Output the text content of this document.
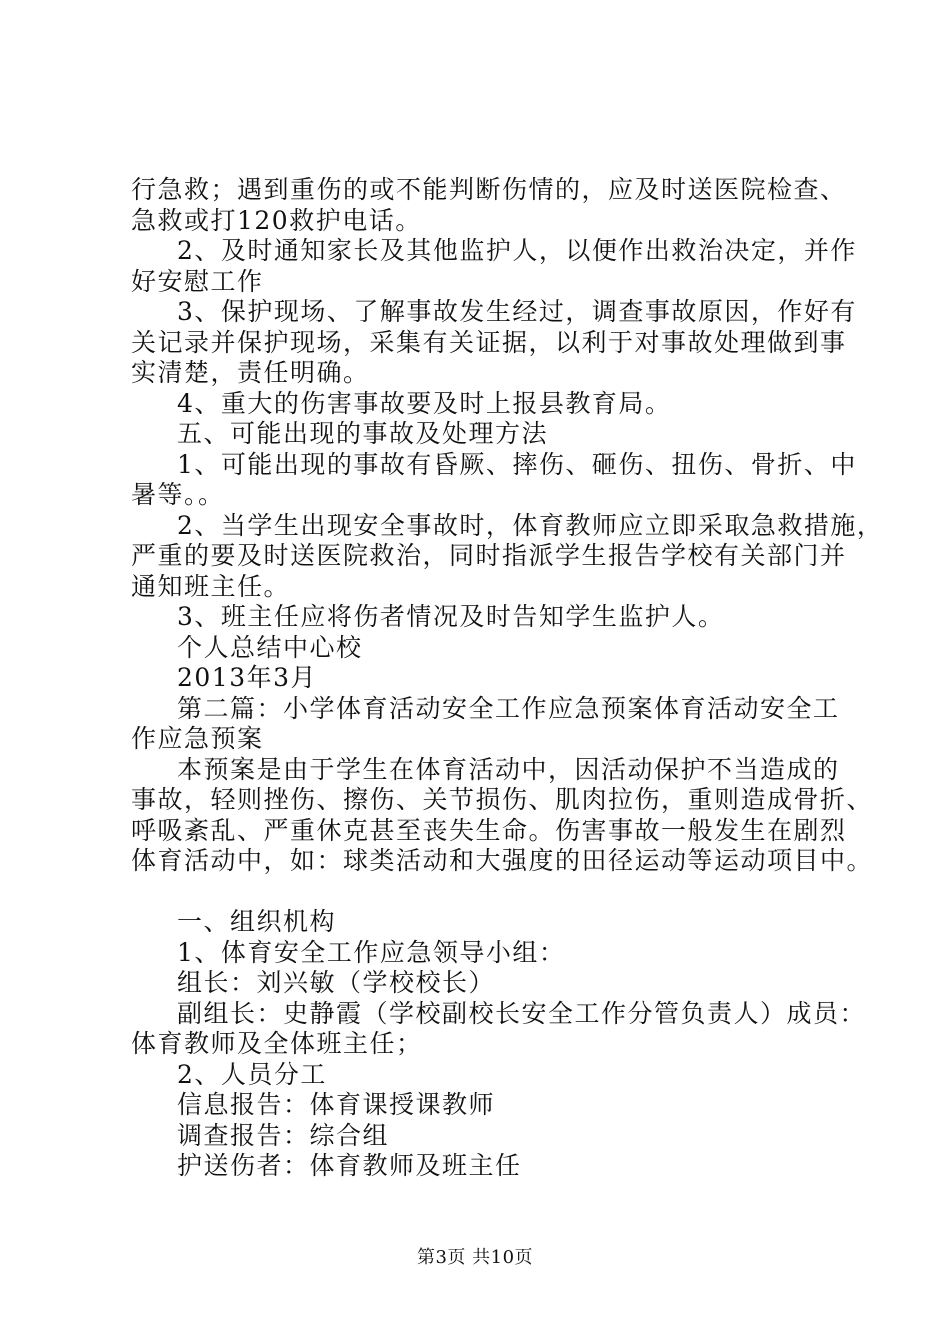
行急救；遇到重伤的或不能判断伤情的，应及时送医院检查、
急救或打120救护电话。
2、及时通知家长及其他监护人，以便作出救治决定，并作
好安慰工作
3、保护现场、了解事故发生经过，调查事故原因，作好有
关记录并保护现场，采集有关证据，以利于对事故处理做到事
实清楚，责任明确。
4、重大的伤害事故要及时上报县教育局。
五、可能出现的事故及处理方法
1、可能出现的事故有昏厥、摔伤、砸伤、扭伤、骨折、中
暑等。。
2、当学生出现安全事故时，体育教师应立即采取急救措施，
严重的要及时送医院救治，同时指派学生报告学校有关部门并
通知班主任。
3、班主任应将伤者情况及时告知学生监护人。
个人总结中心校
2013年3月
第二篇：小学体育活动安全工作应急预案体育活动安全工
作应急预案
本预案是由于学生在体育活动中，因活动保护不当造成的
事故，轻则挫伤、擦伤、关节损伤、肌肉拉伤，重则造成骨折、
呼吸紊乱、严重休克甚至丧失生命。伤害事故一般发生在剧烈
体育活动中，如：球类活动和大强度的田径运动等运动项目中。
一、组织机构
1、体育安全工作应急领导小组：
组长：刘兴敏（学校校长）
副组长：史静霞（学校副校长安全工作分管负责人）成员：
体育教师及全体班主任；
2、人员分工
信息报告：体育课授课教师
调查报告：综合组
护送伤者：体育教师及班主任
第3页 共10页
